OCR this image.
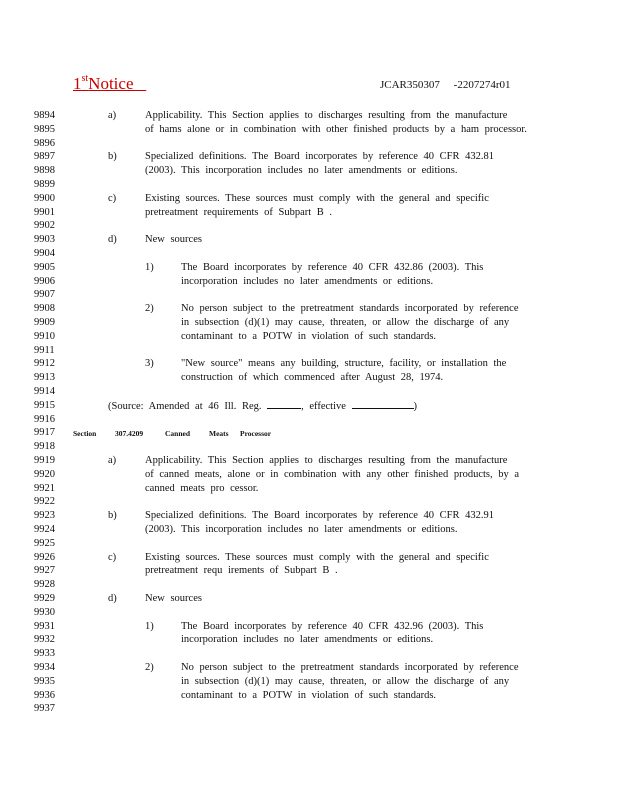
1stNotice	JCAR350307 -2207274r01
9894
9895
9896
9897
9898
9899
9900
9901
9902
9903
9904
9905
9906
9907
9908
9909
9910
9911
9912
9913
9914
9915
9916
9917
9918
9919
9920
9921
9922
9923
9924
9925
9926
9927
9928
9929
9930
9931
9932
9933
9934
9935
9936
9937
a)	Applicability. This Section applies to discharges resulting from the manufacture
of hams alone or in combination with other finished products by a ham processor.
b)	Specialized definitions. The Board incorporates by reference 40 CFR 432.81
(2003). This incorporation includes no later amendments or editions.
c)	Existing sources. These sources must comply with the general and specific
pretreatment requirements of Subpart B .
d)	New sources
1)	The Board incorporates by reference 40 CFR 432.86 (2003). This
incorporation includes no later amendments or editions.
2)	No person subject to the pretreatment standards incorporated by reference
in subsection (d)(1) may cause, threaten, or allow the discharge of any
contaminant to a POTW in violation of such standards.
3)	"New source" means any building, structure, facility, or installation the
construction of which commenced after August 28, 1974.
(Source: Amended at 46 Ill. Reg.	, effective	)
Section 307.4209	Canned	Meats Processor
a)	Applicability. This Section applies to discharges resulting from the manufacture
of canned meats, alone or in combination with any other finished products, by a
canned meats pro cessor.
b)	Specialized definitions. The Board incorporates by reference 40 CFR 432.91
(2003). This incorporation includes no later amendments or editions.
c)	Existing sources. These sources must comply with the general and specific
pretreatment requ irements of Subpart B .
d)	New sources
1)	The Board incorporates by reference 40 CFR 432.96 (2003). This
incorporation includes no later amendments or editions.
2)	No person subject to the pretreatment standards incorporated by reference
in subsection (d)(1) may cause, threaten, or allow the discharge of any
contaminant to a POTW in violation of such standards.
